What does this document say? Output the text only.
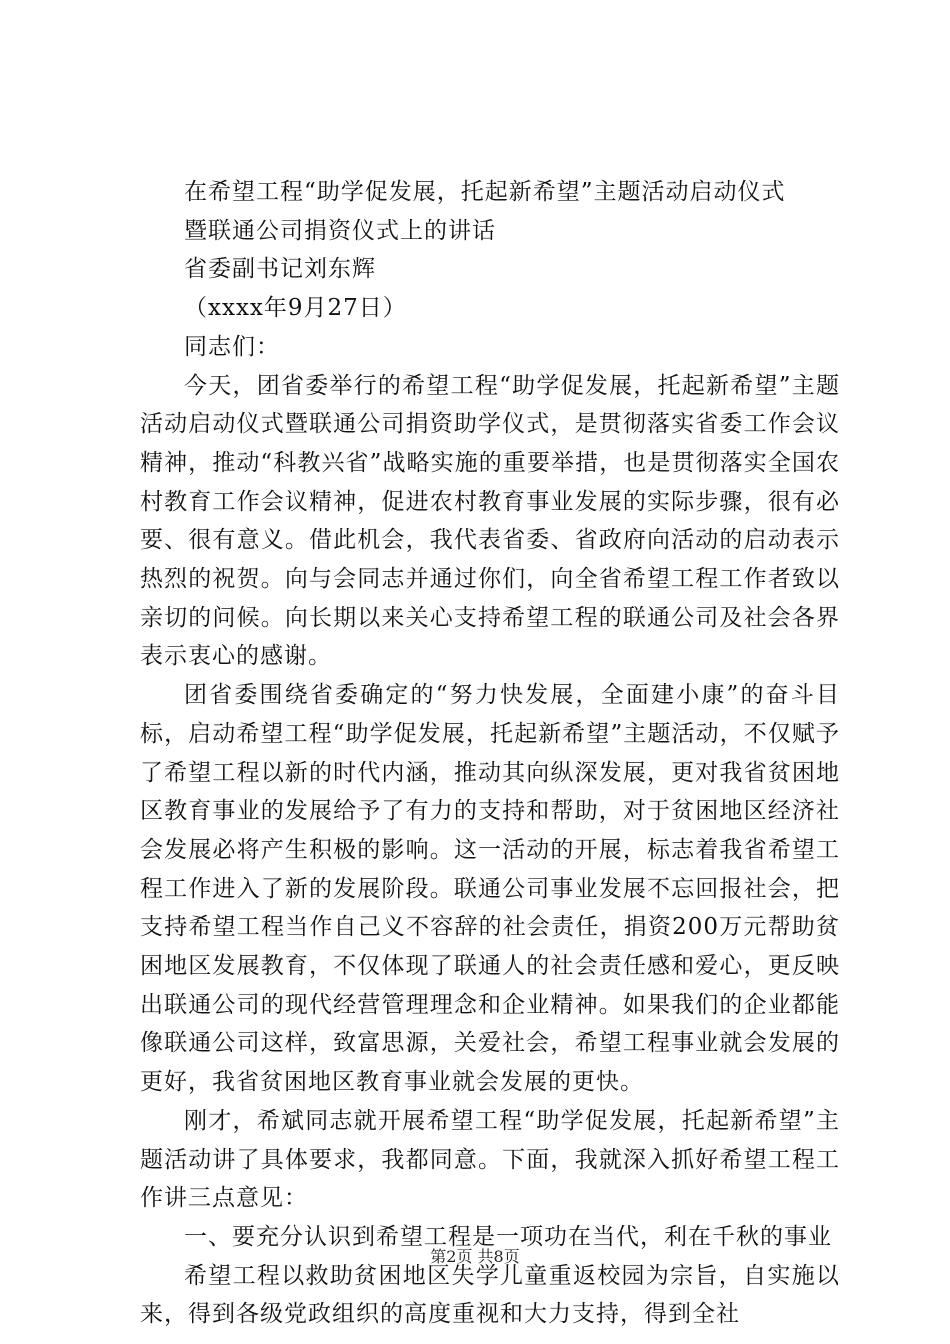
在希望工程“助学促发展，托起新希望”主题活动启动仪式

暨联通公司捐资仪式上的讲话

省委副书记刘东辉

（xxxx年9月27日）

同志们：

今天，团省委举行的希望工程“助学促发展，托起新希望”主题活动启动仪式暨联通公司捐资助学仪式，是贯彻落实省委工作会议精神，推动“科教兴省”战略实施的重要举措，也是贯彻落实全国农村教育工作会议精神，促进农村教育事业发展的实际步骤，很有必要、很有意义。借此机会，我代表省委、省政府向活动的启动表示热烈的祝贺。向与会同志并通过你们，向全省希望工程工作者致以亲切的问候。向长期以来关心支持希望工程的联通公司及社会各界表示衷心的感谢。

团省委围绕省委确定的“努力快发展，全面建小康”的奋斗目标，启动希望工程“助学促发展，托起新希望”主题活动，不仅赋予了希望工程以新的时代内涵，推动其向纵深发展，更对我省贫困地区教育事业的发展给予了有力的支持和帮助，对于贫困地区经济社会发展必将产生积极的影响。这一活动的开展，标志着我省希望工程工作进入了新的发展阶段。联通公司事业发展不忘回报社会，把支持希望工程当作自己义不容辞的社会责任，捐资200万元帮助贫困地区发展教育，不仅体现了联通人的社会责任感和爱心，更反映出联通公司的现代经营管理理念和企业精神。如果我们的企业都能像联通公司这样，致富思源，关爱社会，希望工程事业就会发展的更好，我省贫困地区教育事业就会发展的更快。

刚才，希斌同志就开展希望工程“助学促发展，托起新希望”主题活动讲了具体要求，我都同意。下面，我就深入抓好希望工程工作讲三点意见：

一、要充分认识到希望工程是一项功在当代，利在千秋的事业

希望工程以救助贫困地区失学儿童重返校园为宗旨，自实施以来，得到各级党政组织的高度重视和大力支持，得到全社

第2页 共8页
